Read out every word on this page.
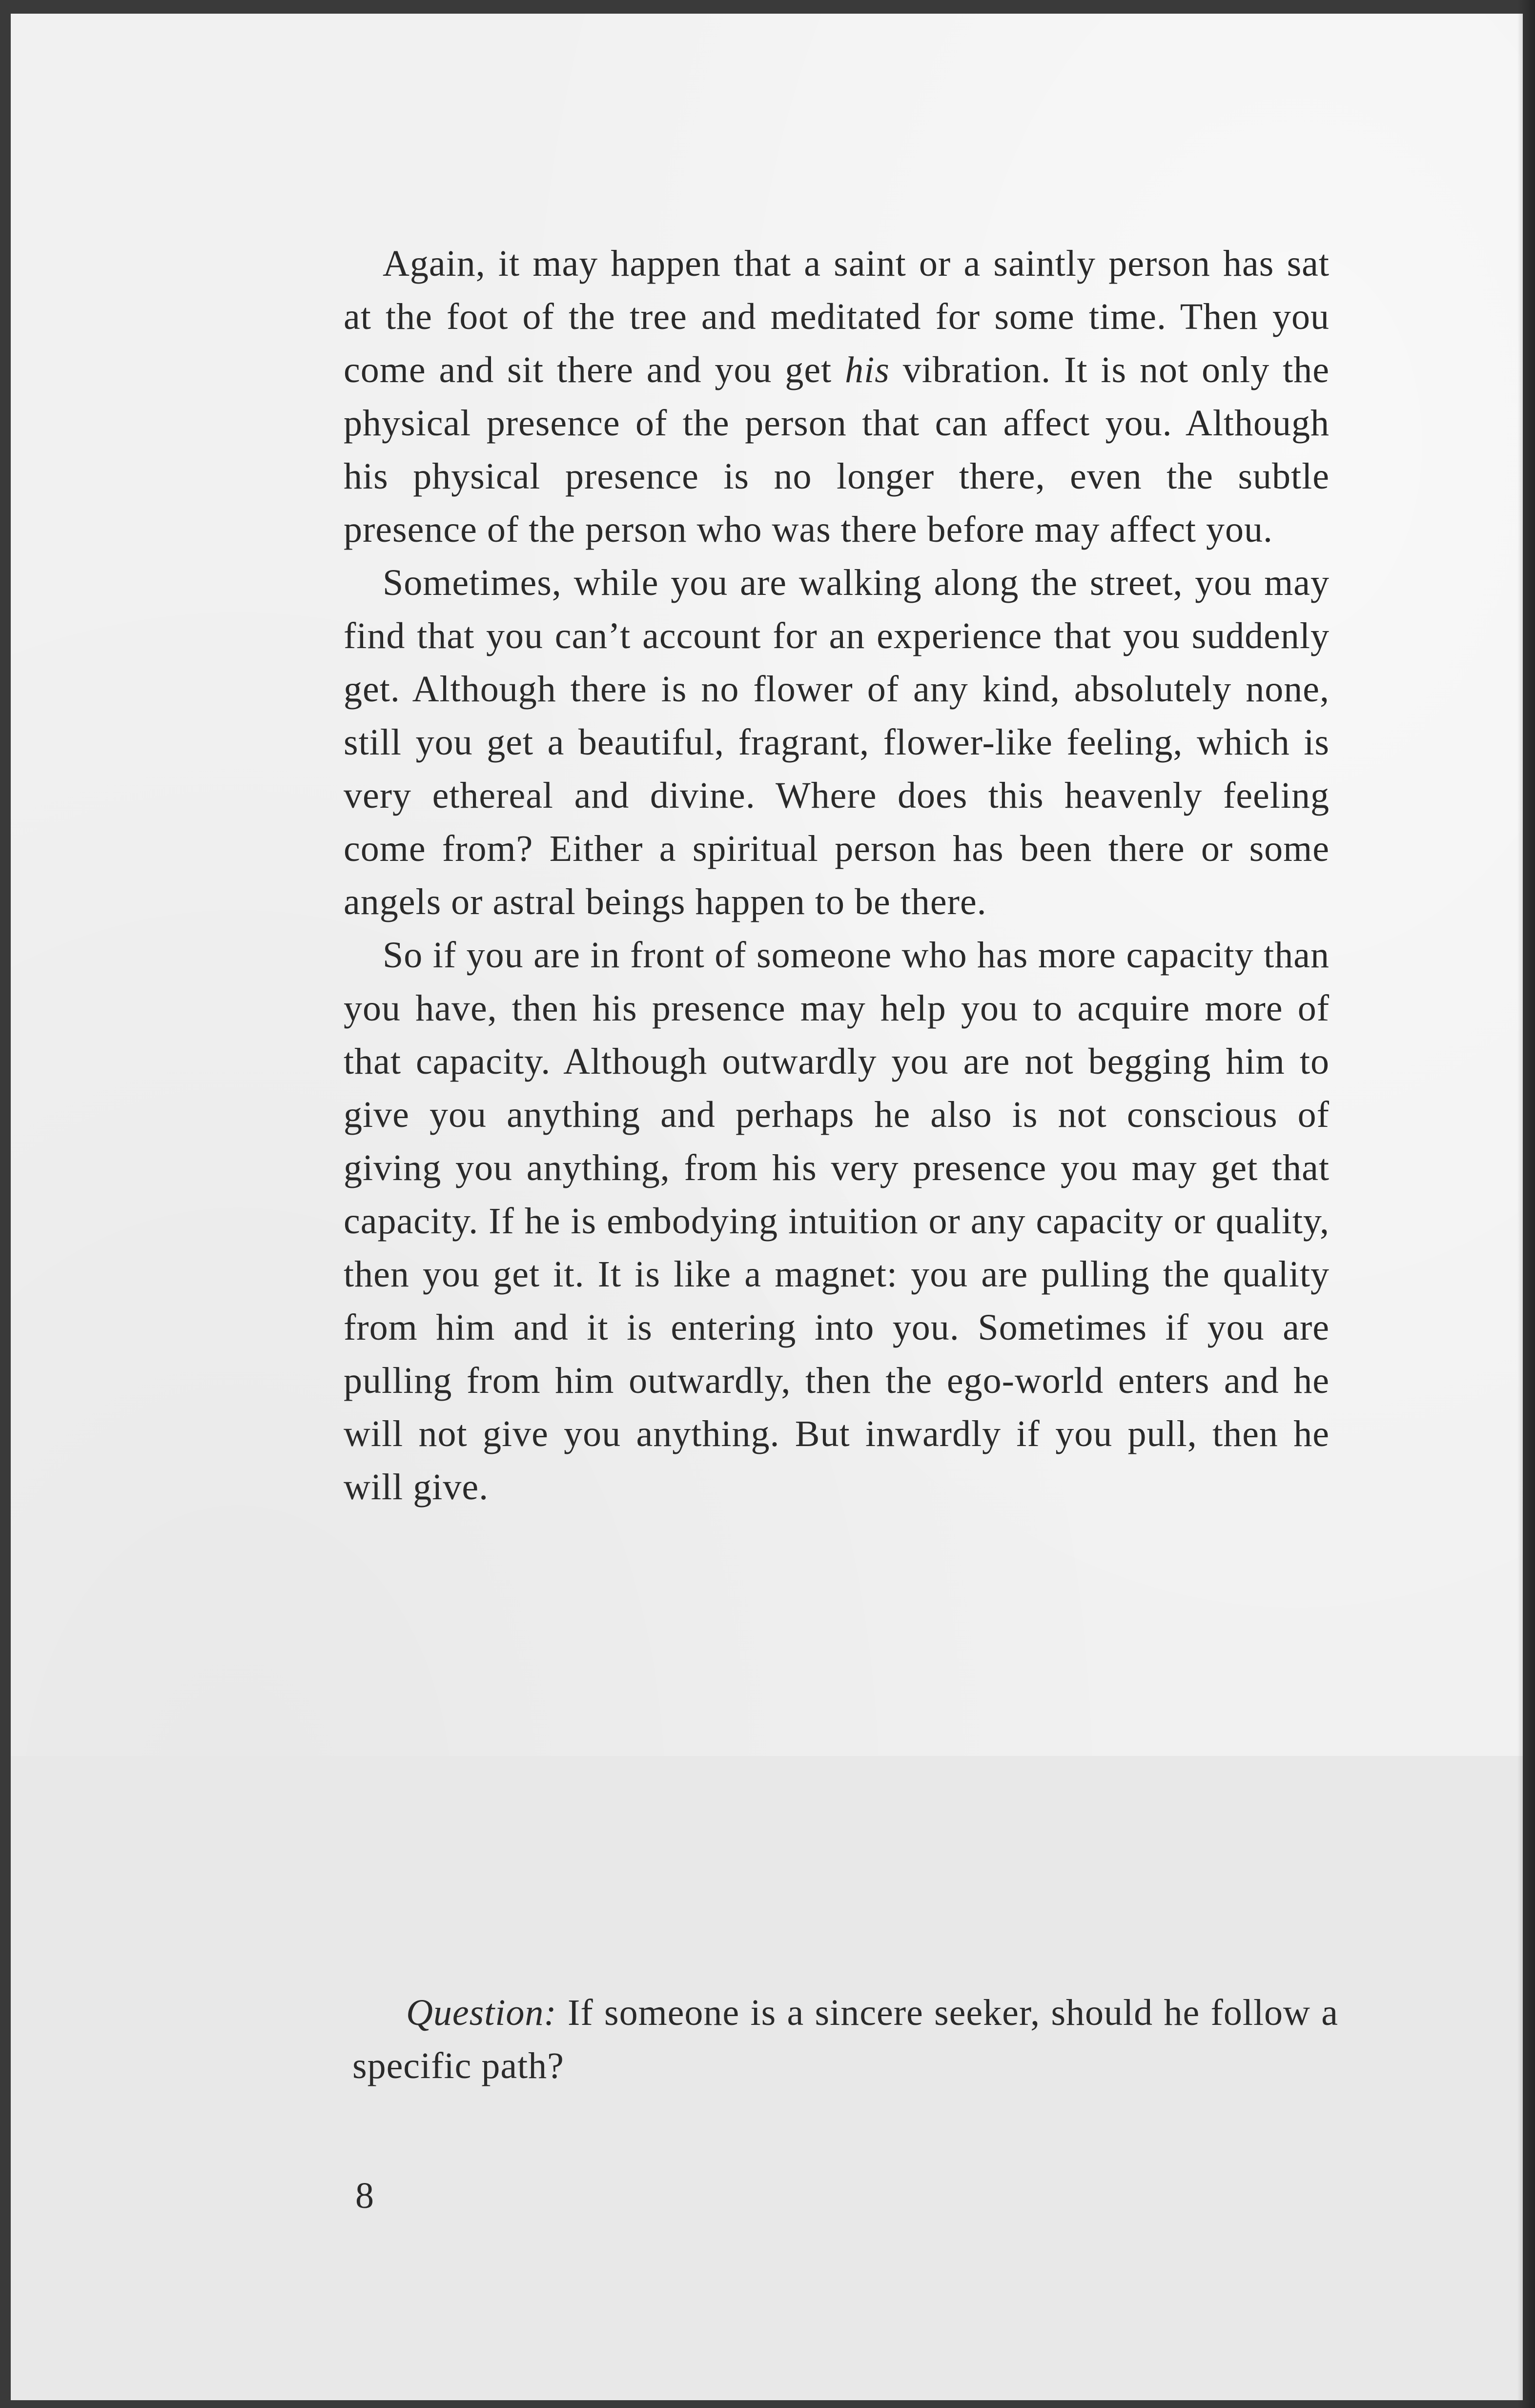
Again, it may happen that a saint or a saintly person has sat at the foot of the tree and meditated for some time. Then you come and sit there and you get his vibration. It is not only the physical presence of the person that can affect you. Although his physical presence is no longer there, even the subtle presence of the person who was there before may affect you.

Sometimes, while you are walking along the street, you may find that you can’t account for an experience that you suddenly get. Although there is no flower of any kind, absolutely none, still you get a beautiful, fragrant, flower-like feeling, which is very ethereal and divine. Where does this heavenly feeling come from? Either a spiritual person has been there or some angels or astral beings happen to be there.

So if you are in front of someone who has more capacity than you have, then his presence may help you to acquire more of that capacity. Although outwardly you are not begging him to give you anything and perhaps he also is not conscious of giving you anything, from his very presence you may get that capacity. If he is embodying intuition or any capacity or quality, then you get it. It is like a magnet: you are pulling the quality from him and it is entering into you. Sometimes if you are pulling from him outwardly, then the ego-world enters and he will not give you anything. But inwardly if you pull, then he will give.

Question: If someone is a sincere seeker, should he follow a specific path?

8
